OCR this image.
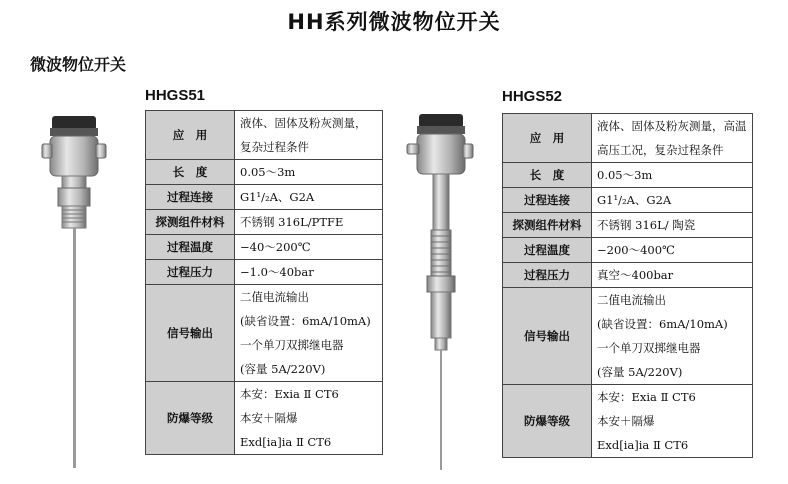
HH系列微波物位开关
微波物位开关
HHGS51	HHGS52
应　用	液体、固体及粉灰测量，
复杂过程条件

长　度	0.05～3m

过程连接	G1¹/₂A、G2A

探测组件材料	不锈钢 316L/PTFE

过程温度	−40～200℃

过程压力	−1.0～40bar

信号输出	二值电流输出
(缺省设置：6mA/10mA)
一个单刀双掷继电器
(容量 5A/220V)

防爆等级	本安：Exia Ⅱ CT6
本安＋隔爆
Exd[ia]ia Ⅱ CT6
应　用	液体、固体及粉灰测量，高温
高压工况，复杂过程条件

长　度	0.05～3m

过程连接	G1¹/₂A、G2A

探测组件材料	不锈钢 316L/ 陶瓷

过程温度	−200～400℃

过程压力	真空～400bar

信号输出	二值电流输出
(缺省设置：6mA/10mA)
一个单刀双掷继电器
(容量 5A/220V)

防爆等级	本安：Exia Ⅱ CT6
本安＋隔爆
Exd[ia]ia Ⅱ CT6
